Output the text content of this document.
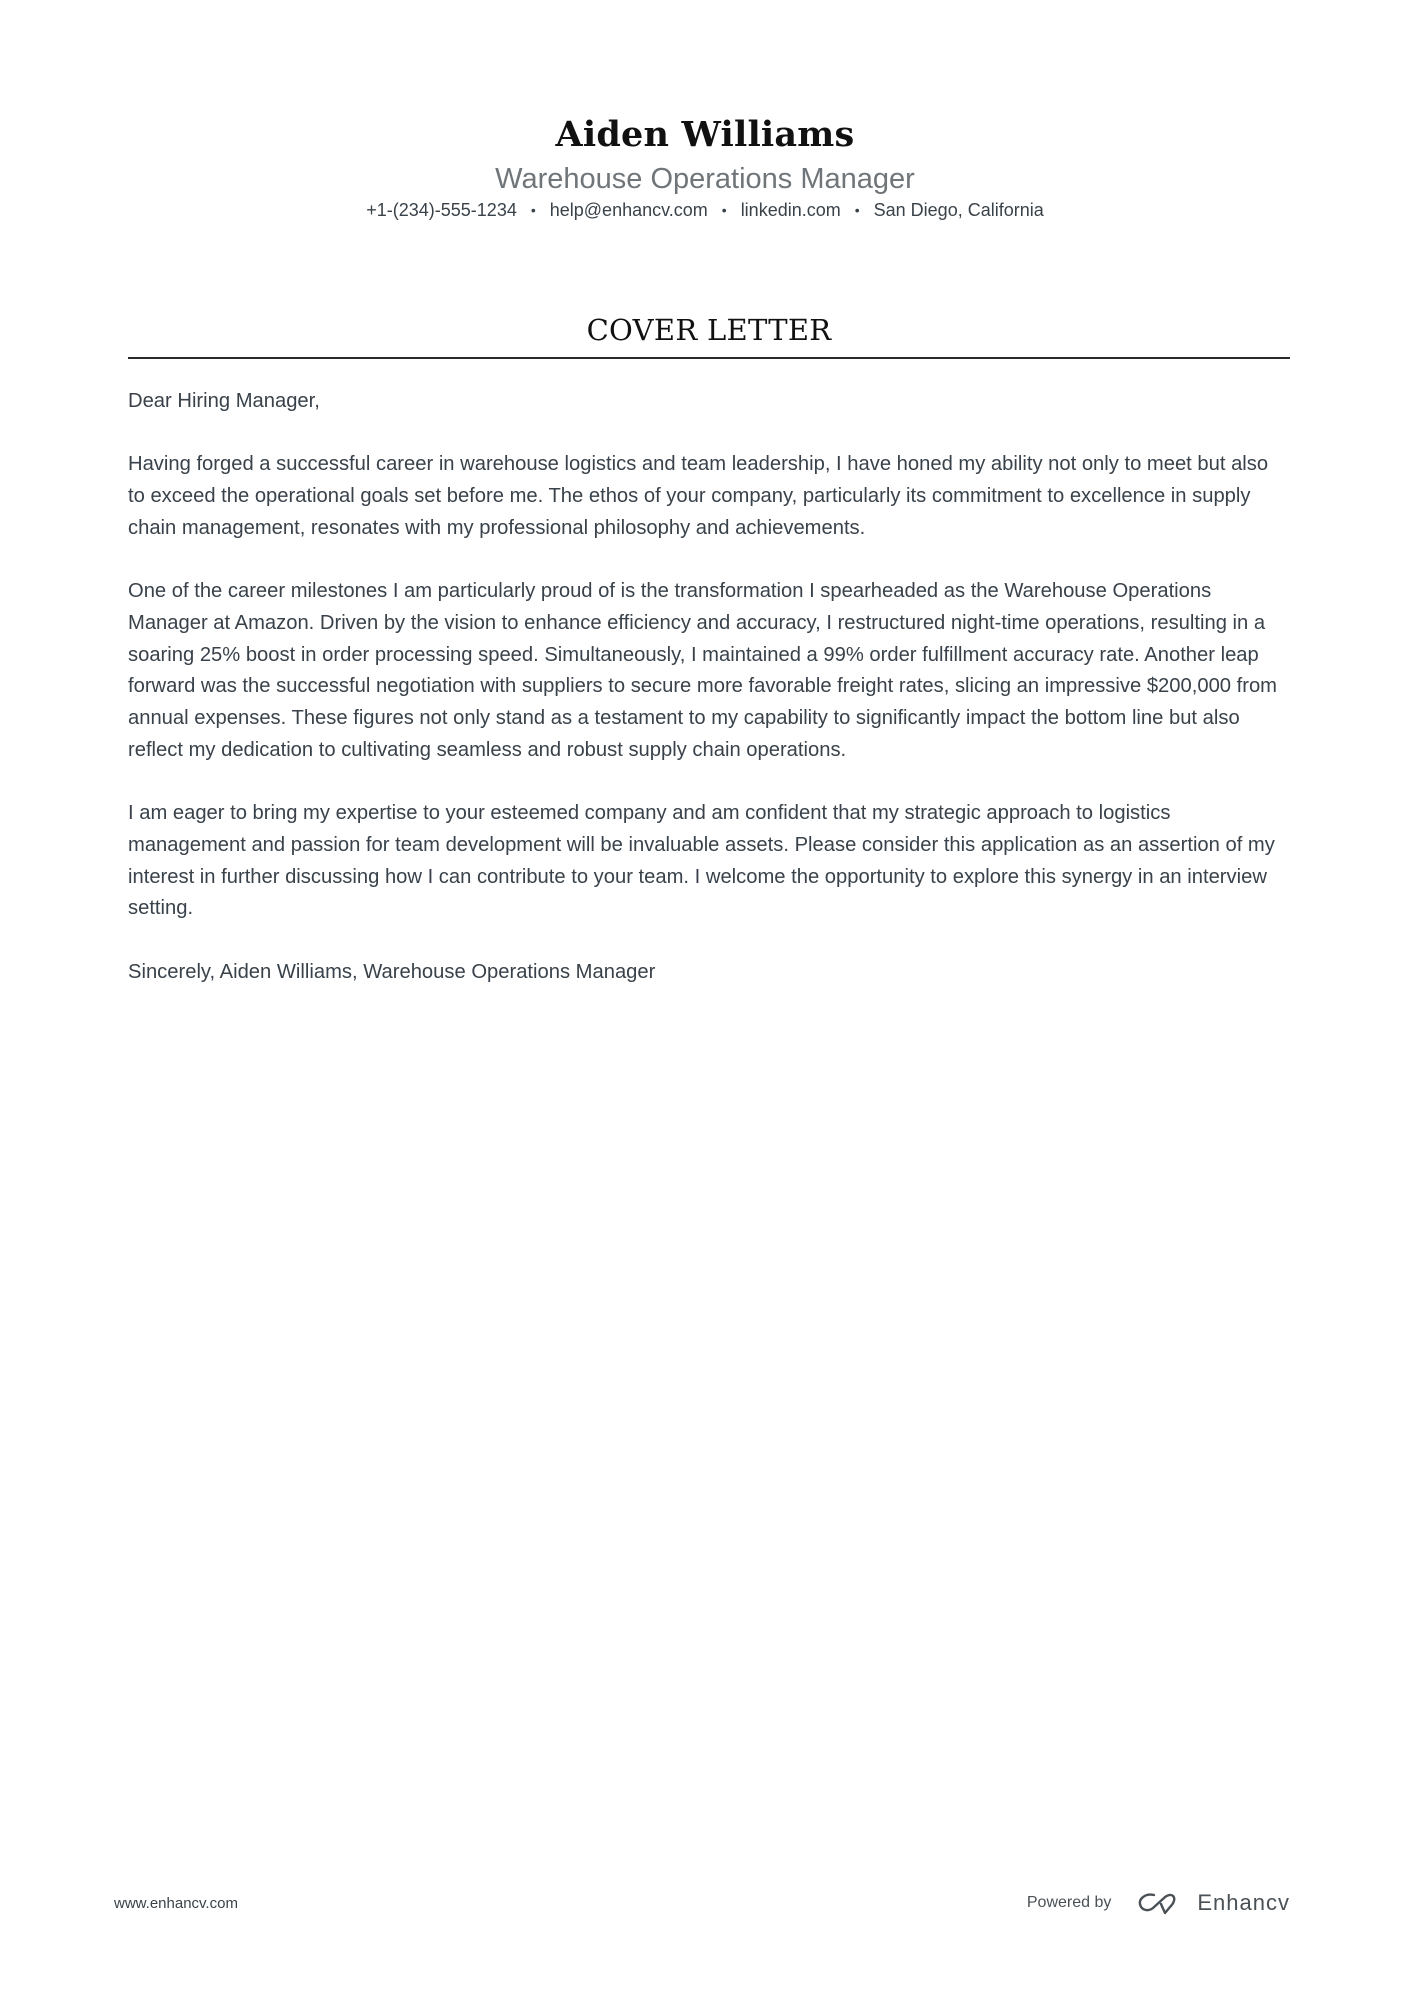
Aiden Williams
Warehouse Operations Manager
+1-(234)-555-1234 • help@enhancv.com • linkedin.com • San Diego, California
COVER LETTER

Dear Hiring Manager,

Having forged a successful career in warehouse logistics and team leadership, I have honed my ability not only to meet but also to exceed the operational goals set before me. The ethos of your company, particularly its commitment to excellence in supply chain management, resonates with my professional philosophy and achievements.

One of the career milestones I am particularly proud of is the transformation I spearheaded as the Warehouse Operations Manager at Amazon. Driven by the vision to enhance efficiency and accuracy, I restructured night-time operations, resulting in a soaring 25% boost in order processing speed. Simultaneously, I maintained a 99% order fulfillment accuracy rate. Another leap forward was the successful negotiation with suppliers to secure more favorable freight rates, slicing an impressive $200,000 from annual expenses. These figures not only stand as a testament to my capability to significantly impact the bottom line but also reflect my dedication to cultivating seamless and robust supply chain operations.

I am eager to bring my expertise to your esteemed company and am confident that my strategic approach to logistics management and passion for team development will be invaluable assets. Please consider this application as an assertion of my interest in further discussing how I can contribute to your team. I welcome the opportunity to explore this synergy in an interview setting.

Sincerely, Aiden Williams, Warehouse Operations Manager

www.enhancv.com	Powered by	Enhancv
